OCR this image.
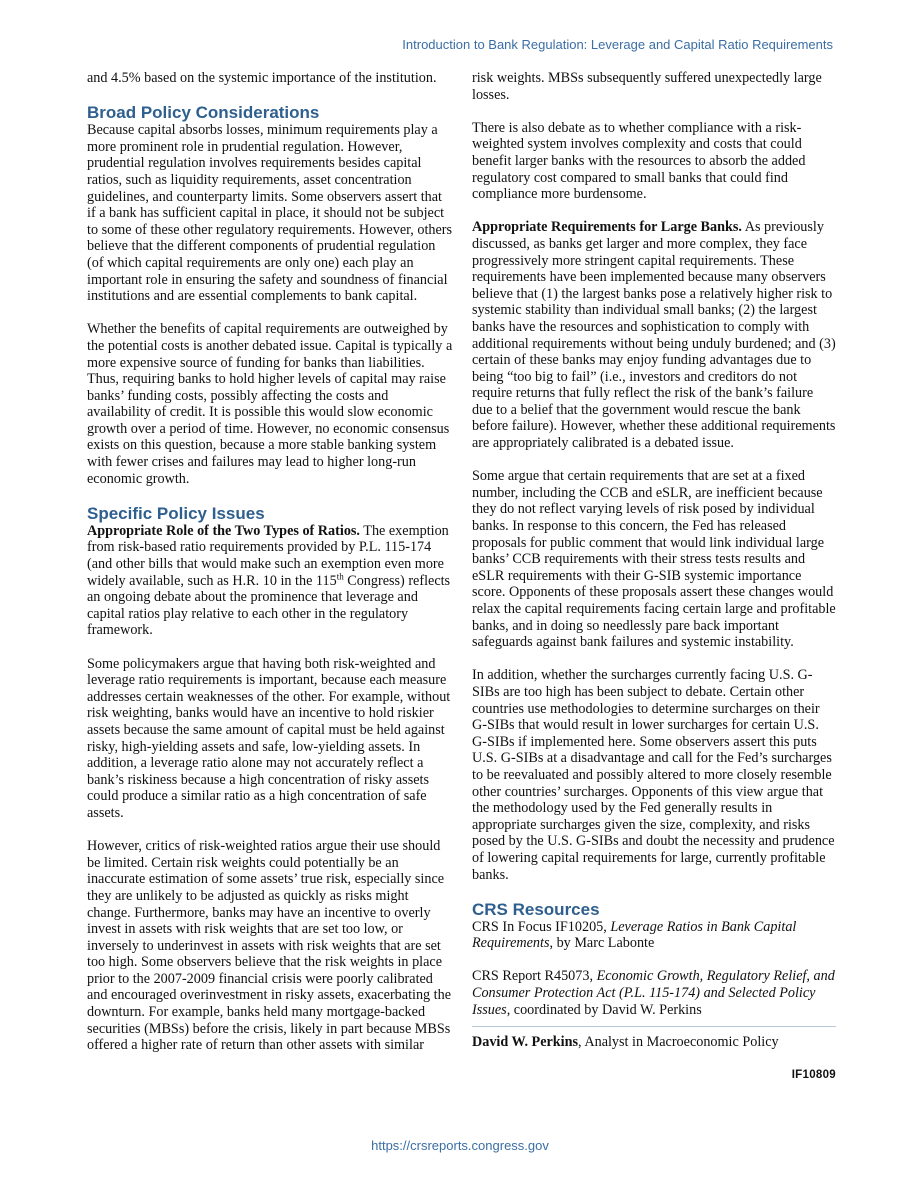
Introduction to Bank Regulation: Leverage and Capital Ratio Requirements

and 4.5% based on the systemic importance of the institution.

Broad Policy Considerations

Because capital absorbs losses, minimum requirements play a more prominent role in prudential regulation. However, prudential regulation involves requirements besides capital ratios, such as liquidity requirements, asset concentration guidelines, and counterparty limits. Some observers assert that if a bank has sufficient capital in place, it should not be subject to some of these other regulatory requirements. However, others believe that the different components of prudential regulation (of which capital requirements are only one) each play an important role in ensuring the safety and soundness of financial institutions and are essential complements to bank capital.

Whether the benefits of capital requirements are outweighed by the potential costs is another debated issue. Capital is typically a more expensive source of funding for banks than liabilities. Thus, requiring banks to hold higher levels of capital may raise banks’ funding costs, possibly affecting the costs and availability of credit. It is possible this would slow economic growth over a period of time. However, no economic consensus exists on this question, because a more stable banking system with fewer crises and failures may lead to higher long-run economic growth.

Specific Policy Issues

Appropriate Role of the Two Types of Ratios. The exemption from risk-based ratio requirements provided by P.L. 115-174 (and other bills that would make such an exemption even more widely available, such as H.R. 10 in the 115th Congress) reflects an ongoing debate about the prominence that leverage and capital ratios play relative to each other in the regulatory framework.

Some policymakers argue that having both risk-weighted and leverage ratio requirements is important, because each measure addresses certain weaknesses of the other. For example, without risk weighting, banks would have an incentive to hold riskier assets because the same amount of capital must be held against risky, high-yielding assets and safe, low-yielding assets. In addition, a leverage ratio alone may not accurately reflect a bank’s riskiness because a high concentration of risky assets could produce a similar ratio as a high concentration of safe assets.

However, critics of risk-weighted ratios argue their use should be limited. Certain risk weights could potentially be an inaccurate estimation of some assets’ true risk, especially since they are unlikely to be adjusted as quickly as risks might change. Furthermore, banks may have an incentive to overly invest in assets with risk weights that are set too low, or inversely to underinvest in assets with risk weights that are set too high. Some observers believe that the risk weights in place prior to the 2007-2009 financial crisis were poorly calibrated and encouraged overinvestment in risky assets, exacerbating the downturn. For example, banks held many mortgage-backed securities (MBSs) before the crisis, likely in part because MBSs offered a higher rate of return than other assets with similar

risk weights. MBSs subsequently suffered unexpectedly large losses.

There is also debate as to whether compliance with a risk-weighted system involves complexity and costs that could benefit larger banks with the resources to absorb the added regulatory cost compared to small banks that could find compliance more burdensome.

Appropriate Requirements for Large Banks. As previously discussed, as banks get larger and more complex, they face progressively more stringent capital requirements. These requirements have been implemented because many observers believe that (1) the largest banks pose a relatively higher risk to systemic stability than individual small banks; (2) the largest banks have the resources and sophistication to comply with additional requirements without being unduly burdened; and (3) certain of these banks may enjoy funding advantages due to being “too big to fail” (i.e., investors and creditors do not require returns that fully reflect the risk of the bank’s failure due to a belief that the government would rescue the bank before failure). However, whether these additional requirements are appropriately calibrated is a debated issue.

Some argue that certain requirements that are set at a fixed number, including the CCB and eSLR, are inefficient because they do not reflect varying levels of risk posed by individual banks. In response to this concern, the Fed has released proposals for public comment that would link individual large banks’ CCB requirements with their stress tests results and eSLR requirements with their G-SIB systemic importance score. Opponents of these proposals assert these changes would relax the capital requirements facing certain large and profitable banks, and in doing so needlessly pare back important safeguards against bank failures and systemic instability.

In addition, whether the surcharges currently facing U.S. G-SIBs are too high has been subject to debate. Certain other countries use methodologies to determine surcharges on their G-SIBs that would result in lower surcharges for certain U.S. G-SIBs if implemented here. Some observers assert this puts U.S. G-SIBs at a disadvantage and call for the Fed’s surcharges to be reevaluated and possibly altered to more closely resemble other countries’ surcharges. Opponents of this view argue that the methodology used by the Fed generally results in appropriate surcharges given the size, complexity, and risks posed by the U.S. G-SIBs and doubt the necessity and prudence of lowering capital requirements for large, currently profitable banks.

CRS Resources

CRS In Focus IF10205, Leverage Ratios in Bank Capital Requirements, by Marc Labonte

CRS Report R45073, Economic Growth, Regulatory Relief, and Consumer Protection Act (P.L. 115-174) and Selected Policy Issues, coordinated by David W. Perkins

David W. Perkins, Analyst in Macroeconomic Policy

IF10809
https://crsreports.congress.gov
